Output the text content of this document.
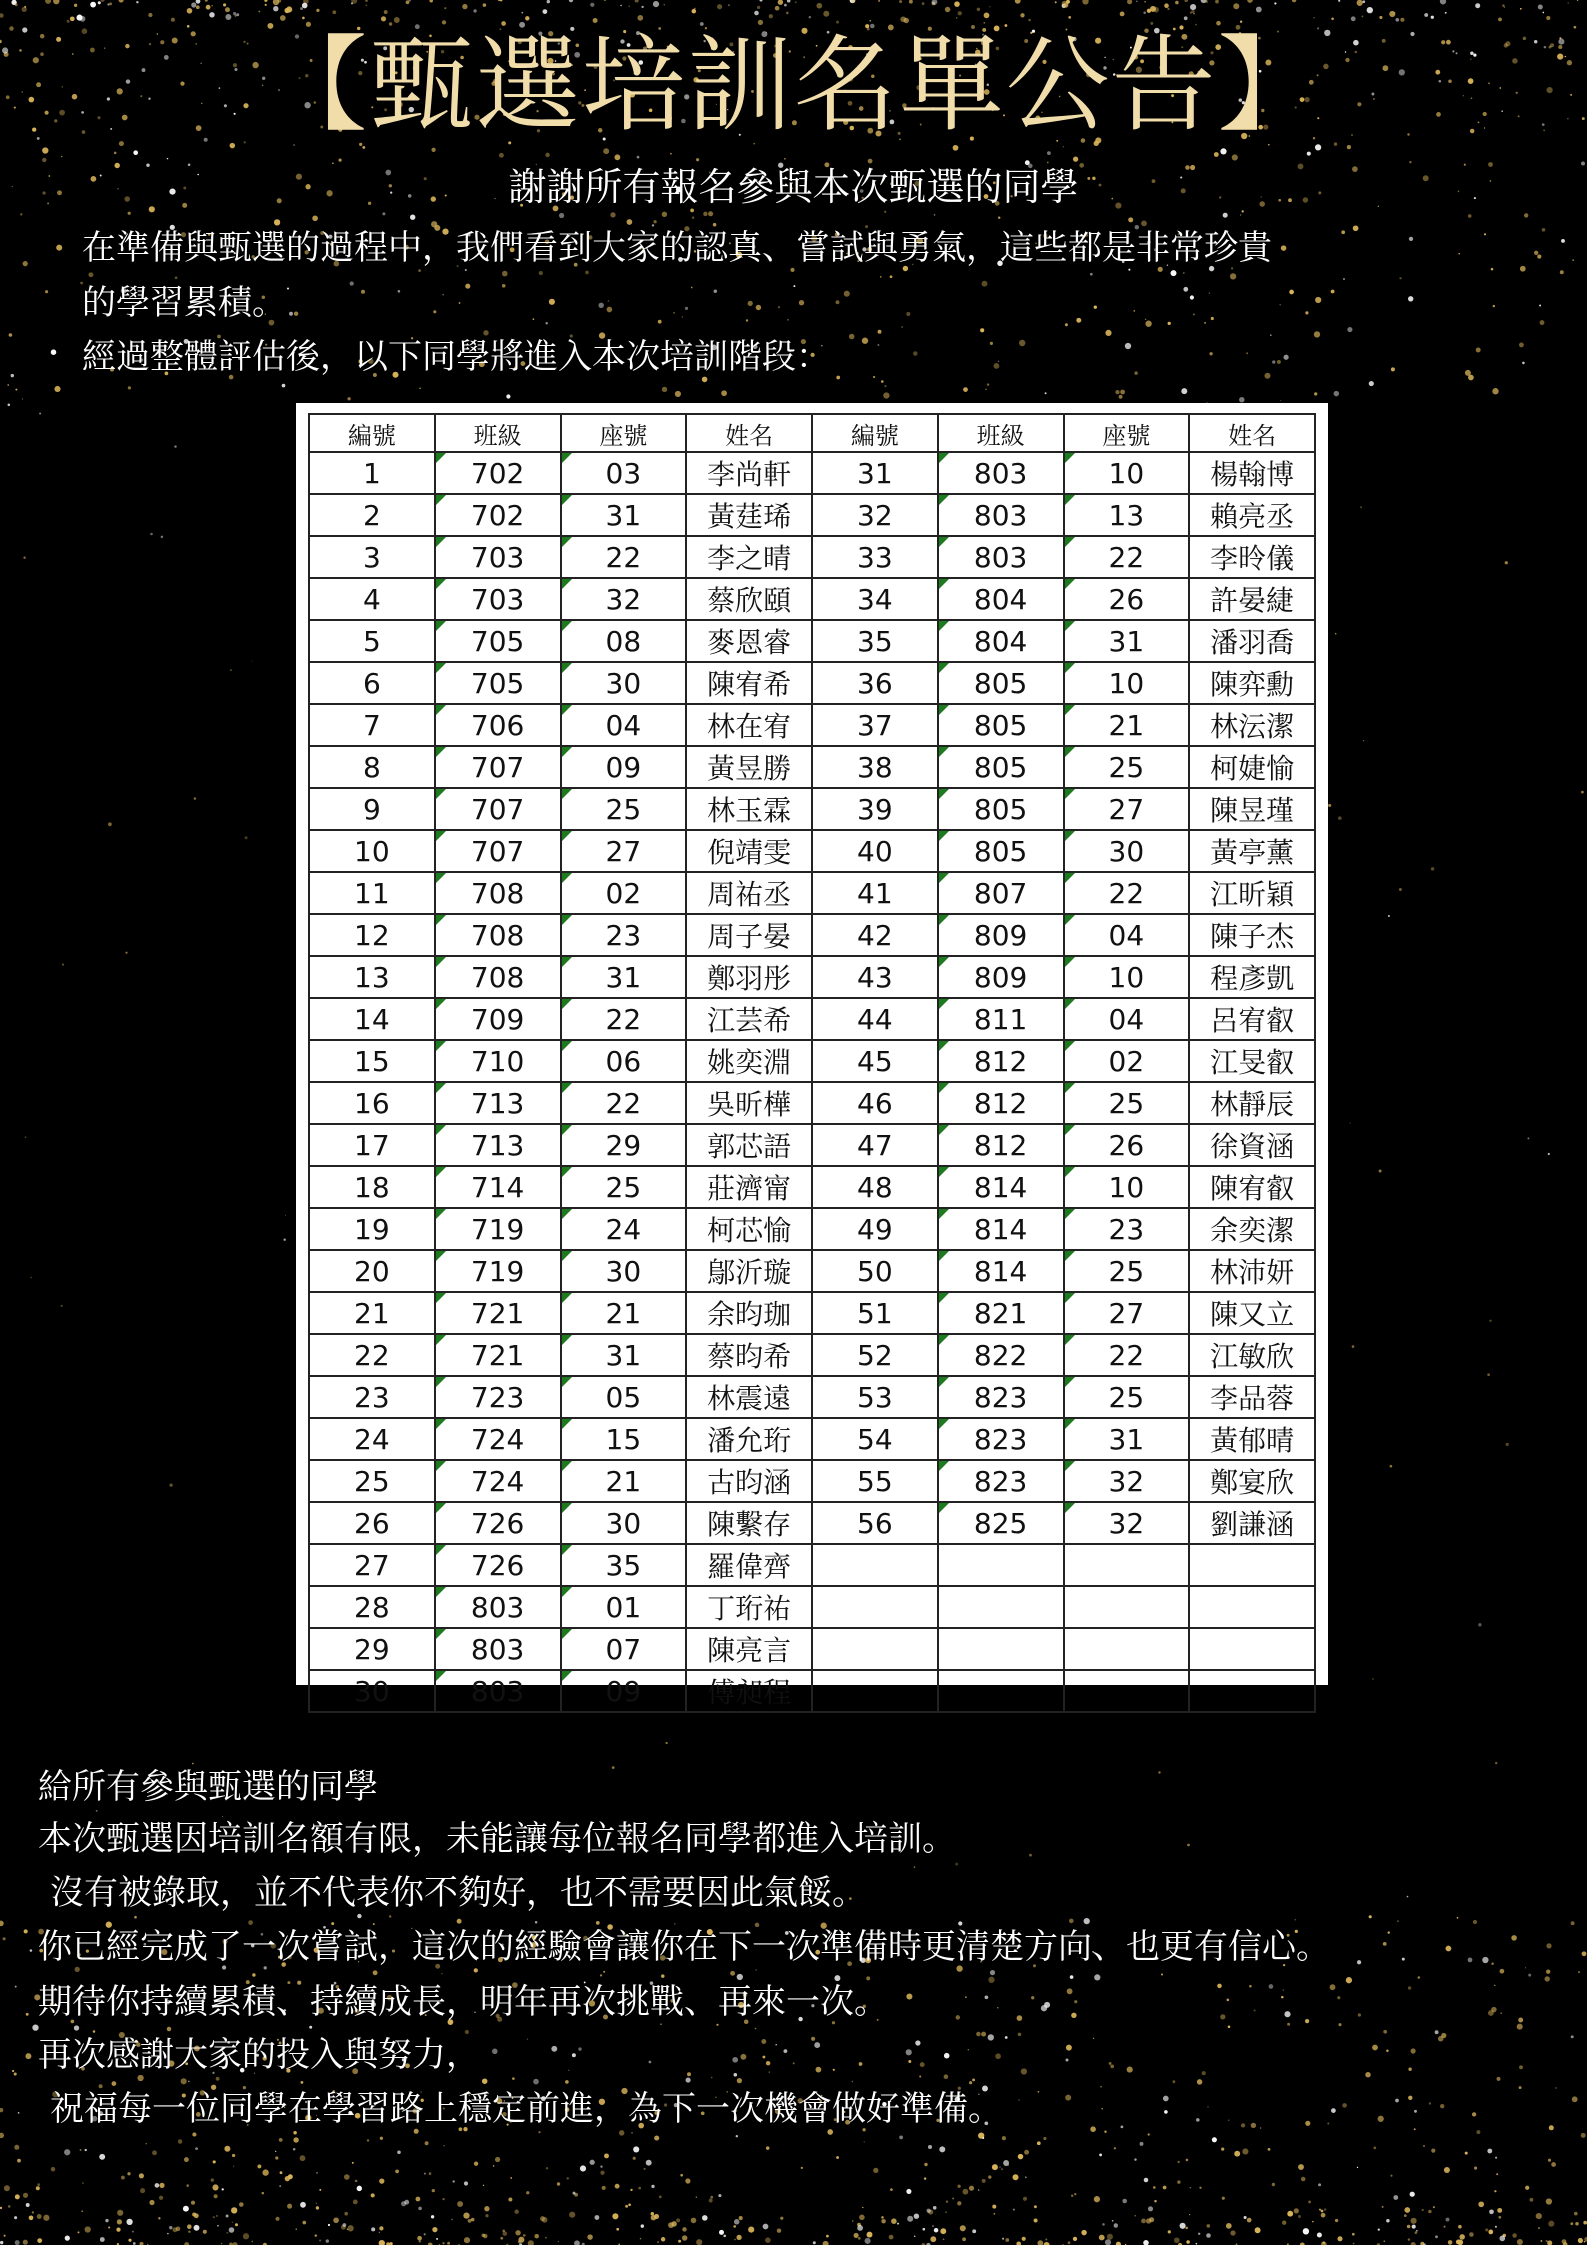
【甄選培訓名單公告】
謝謝所有報名參與本次甄選的同學
在準備與甄選的過程中，我們看到大家的認真、嘗試與勇氣，這些都是非常珍貴
的學習累積。
經過整體評估後，以下同學將進入本次培訓階段：
編號	班級	座號	姓名	編號	班級	座號	姓名
1	702	03	李尚軒	31	803	10	楊翰博
2	702	31	黃莛琋	32	803	13	賴亮丞
3	703	22	李之晴	33	803	22	李昤儀
4	703	32	蔡欣頤	34	804	26	許晏緁
5	705	08	麥恩睿	35	804	31	潘羽喬
6	705	30	陳宥希	36	805	10	陳弈勳
7	706	04	林在宥	37	805	21	林沄潔
8	707	09	黃昱勝	38	805	25	柯婕愉
9	707	25	林玉霖	39	805	27	陳昱瑾
10	707	27	倪靖雯	40	805	30	黃亭薰
11	708	02	周祐丞	41	807	22	江昕穎
12	708	23	周子晏	42	809	04	陳子杰
13	708	31	鄭羽彤	43	809	10	程彥凱
14	709	22	江芸希	44	811	04	呂宥叡
15	710	06	姚奕淵	45	812	02	江旻叡
16	713	22	吳昕樺	46	812	25	林靜辰
17	713	29	郭芯語	47	812	26	徐資涵
18	714	25	莊濟甯	48	814	10	陳宥叡
19	719	24	柯芯愉	49	814	23	余奕潔
20	719	30	鄔沂璇	50	814	25	林沛妍
21	721	21	余昀珈	51	821	27	陳又立
22	721	31	蔡昀希	52	822	22	江敏欣
23	723	05	林震遠	53	823	25	李品蓉
24	724	15	潘允珩	54	823	31	黃郁晴
25	724	21	古昀涵	55	823	32	鄭宴欣
26	726	30	陳繫存	56	825	32	劉謙涵
27	726	35	羅偉齊				
28	803	01	丁珩祐				
29	803	07	陳亮言				
30	803	09	傅昶程				
給所有參與甄選的同學
本次甄選因培訓名額有限，未能讓每位報名同學都進入培訓。
沒有被錄取，並不代表你不夠好，也不需要因此氣餒。
你已經完成了一次嘗試，這次的經驗會讓你在下一次準備時更清楚方向、也更有信心。
期待你持續累積、持續成長，明年再次挑戰、再來一次。
再次感謝大家的投入與努力，
祝福每一位同學在學習路上穩定前進，為下一次機會做好準備。
